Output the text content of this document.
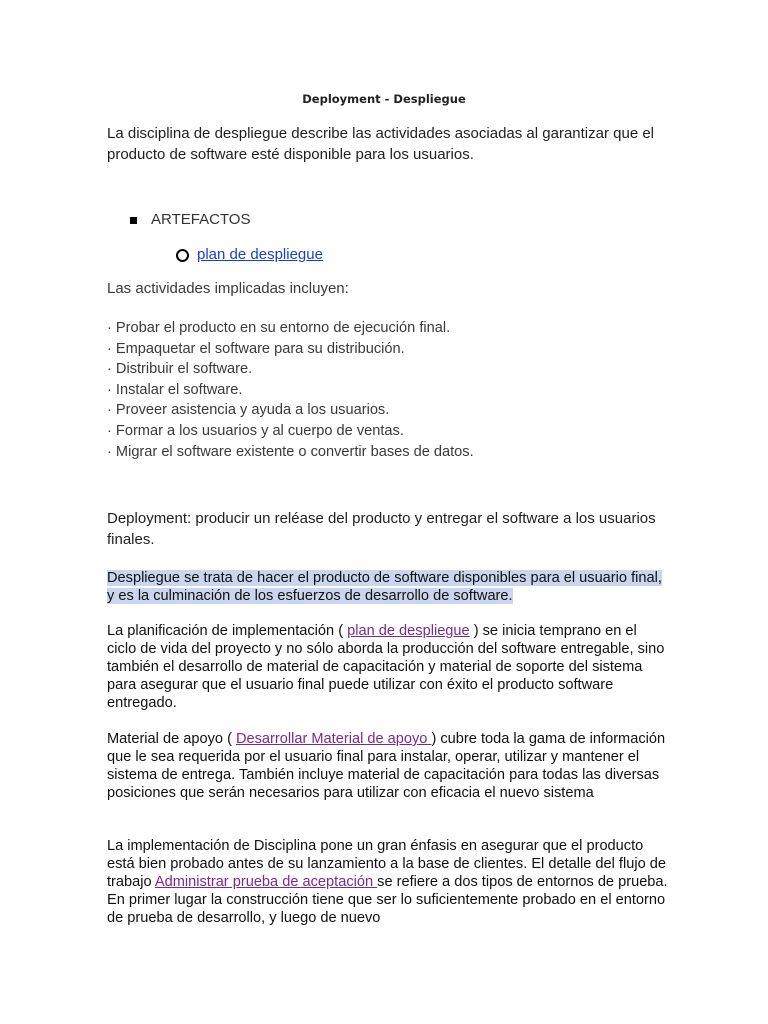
Deployment - Despliegue
La disciplina de despliegue describe las actividades asociadas al garantizar que el producto de software esté disponible para los usuarios.
ARTEFACTOS
plan de despliegue
Las actividades implicadas incluyen:
· Probar el producto en su entorno de ejecución final.
· Empaquetar el software para su distribución.
· Distribuir el software.
· Instalar el software.
· Proveer asistencia y ayuda a los usuarios.
· Formar a los usuarios y al cuerpo de ventas.
· Migrar el software existente o convertir bases de datos.
Deployment: producir un reléase del producto y entregar el software a los usuarios finales.
Despliegue se trata de hacer el producto de software disponibles para el usuario final, y es la culminación de los esfuerzos de desarrollo de software.
La planificación de implementación ( plan de despliegue ) se inicia temprano en el ciclo de vida del proyecto y no sólo aborda la producción del software entregable, sino también el desarrollo de material de capacitación y material de soporte del sistema para asegurar que el usuario final puede utilizar con éxito el producto software entregado.
Material de apoyo ( Desarrollar Material de apoyo ) cubre toda la gama de información que le sea requerida por el usuario final para instalar, operar, utilizar y mantener el sistema de entrega. También incluye material de capacitación para todas las diversas posiciones que serán necesarios para utilizar con eficacia el nuevo sistema
La implementación de Disciplina pone un gran énfasis en asegurar que el producto está bien probado antes de su lanzamiento a la base de clientes. El detalle del flujo de trabajo Administrar prueba de aceptación se refiere a dos tipos de entornos de prueba. En primer lugar la construcción tiene que ser lo suficientemente probado en el entorno de prueba de desarrollo, y luego de nuevo
